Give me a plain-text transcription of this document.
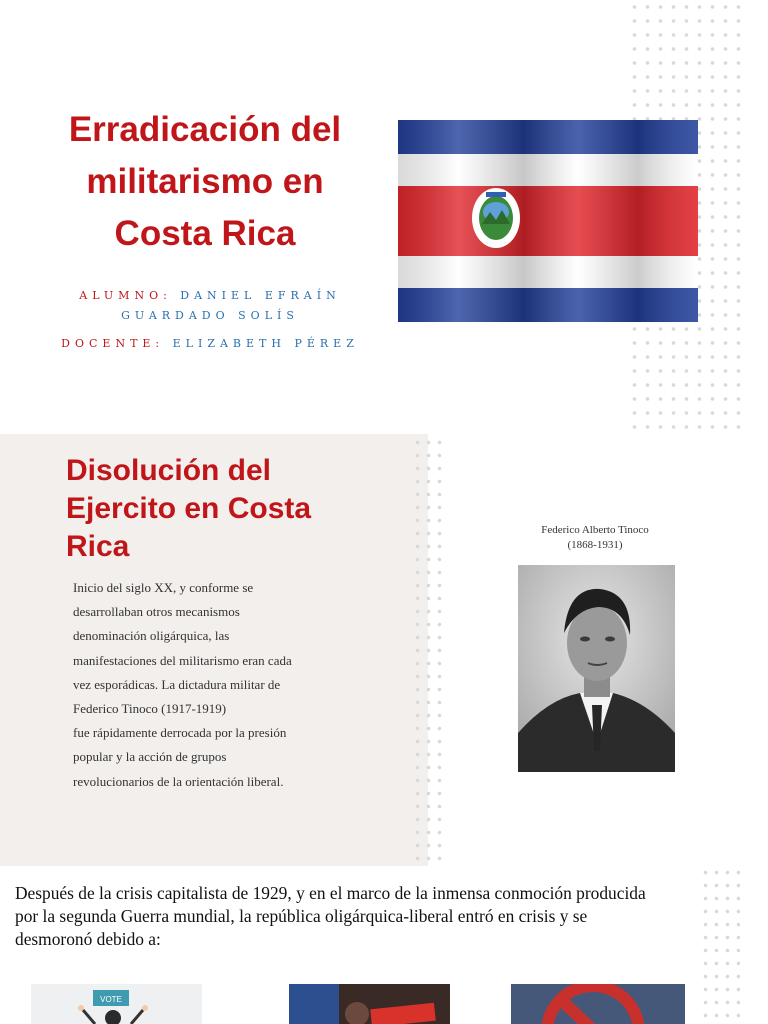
Erradicación del
militarismo en
Costa Rica
ALUMNO: DANIEL EFRAÍN GUARDADO SOLÍS
DOCENTE: ELIZABETH PÉREZ
Disolución del
Ejercito en Costa
Rica
Inicio del siglo XX, y conforme se
desarrollaban otros mecanismos
denominación oligárquica, las
manifestaciones del militarismo eran cada
vez esporádicas. La dictadura militar de
Federico Tinoco (1917-1919)
fue rápidamente derrocada por la presión
popular y la acción de grupos
revolucionarios de la orientación liberal.
Federico Alberto Tinoco
(1868-1931)
Después de la crisis capitalista de 1929, y en el marco de la inmensa conmoción producida
por la segunda Guerra mundial, la república oligárquica-liberal entró en crisis y se
desmoronó debido a:
VOTE
